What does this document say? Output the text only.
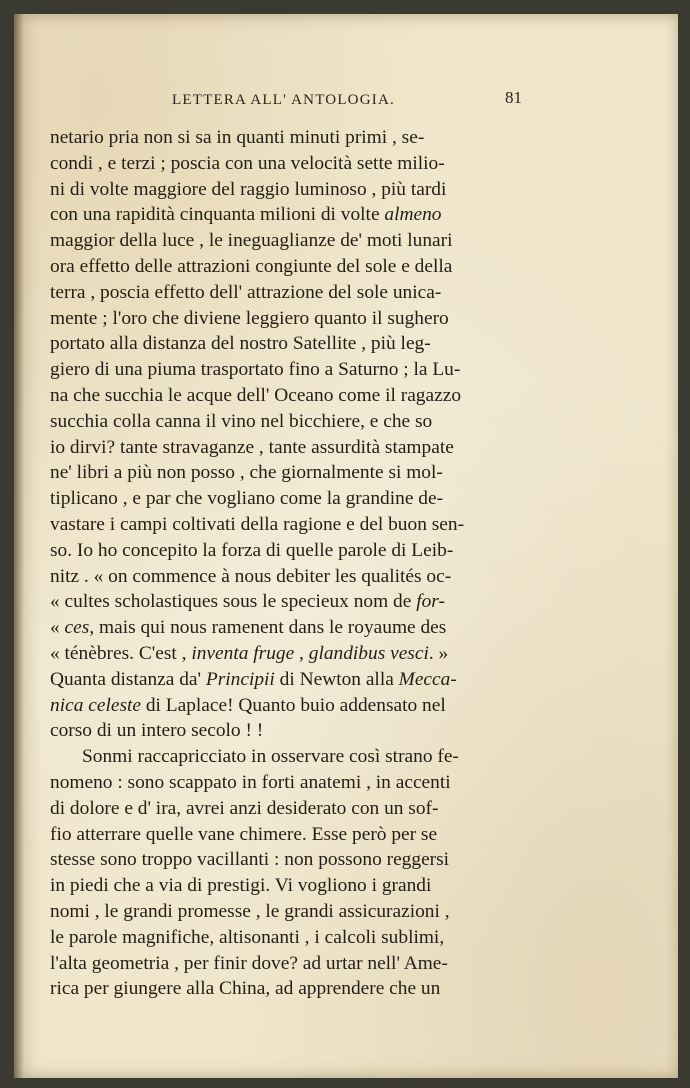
LETTERA ALL' ANTOLOGIA.	81
netario pria non si sa in quanti minuti primi , se-
condi , e terzi ; poscia con una velocità sette milio-
ni di volte maggiore del raggio luminoso , più tardi
con una rapidità cinquanta milioni di volte almeno
maggior della luce , le ineguaglianze de' moti lunari
ora effetto delle attrazioni congiunte del sole e della
terra , poscia effetto dell' attrazione del sole unica-
mente ; l'oro che diviene leggiero quanto il sughero
portato alla distanza del nostro Satellite , più leg-
giero di una piuma trasportato fino a Saturno ; la Lu-
na che succhia le acque dell' Oceano come il ragazzo
succhia colla canna il vino nel bicchiere, e che so
io dirvi? tante stravaganze , tante assurdità stampate
ne' libri a più non posso , che giornalmente si mol-
tiplicano , e par che vogliano come la grandine de-
vastare i campi coltivati della ragione e del buon sen-
so. Io ho concepito la forza di quelle parole di Leib-
nitz . « on commence à nous debiter les qualités oc-
« cultes scholastiques sous le specieux nom de for-
« ces, mais qui nous ramenent dans le royaume des
« ténèbres. C'est , inventa fruge , glandibus vesci. »
Quanta distanza da' Principii di Newton alla Mecca-
nica celeste di Laplace! Quanto buio addensato nel
corso di un intero secolo ! !
Sonmi raccapricciato in osservare così strano fe-
nomeno : sono scappato in forti anatemi , in accenti
di dolore e d' ira, avrei anzi desiderato con un sof-
fio atterrare quelle vane chimere. Esse però per se
stesse sono troppo vacillanti : non possono reggersi
in piedi che a via di prestigi. Vi vogliono i grandi
nomi , le grandi promesse , le grandi assicurazioni ,
le parole magnifiche, altisonanti , i calcoli sublimi,
l'alta geometria , per finir dove? ad urtar nell' Ame-
rica per giungere alla China, ad apprendere che un
